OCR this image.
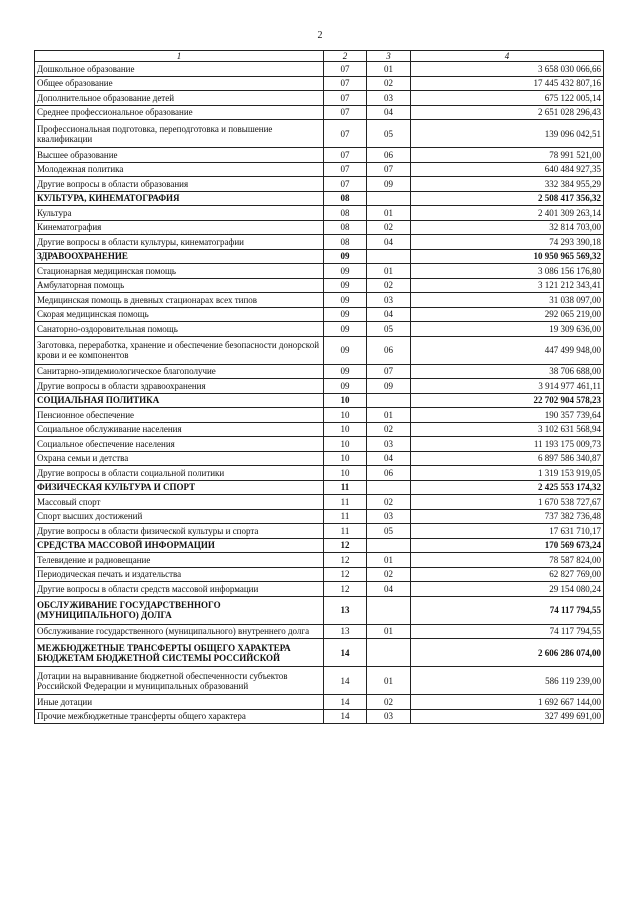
2
1	2	3	4
Дошкольное образование	07	01	3 658 030 066,66
Общее образование	07	02	17 445 432 807,16
Дополнительное образование детей	07	03	675 122 005,14
Среднее профессиональное образование	07	04	2 651 028 296,43
Профессиональная подготовка, переподготовка и повышение квалификации	07	05	139 096 042,51
Высшее образование	07	06	78 991 521,00
Молодежная политика	07	07	640 484 927,35
Другие вопросы в области образования	07	09	332 384 955,29
КУЛЬТУРА, КИНЕМАТОГРАФИЯ	08		2 508 417 356,32
Культура	08	01	2 401 309 263,14
Кинематография	08	02	32 814 703,00
Другие вопросы в области культуры, кинематографии	08	04	74 293 390,18
ЗДРАВООХРАНЕНИЕ	09		10 950 965 569,32
Стационарная медицинская помощь	09	01	3 086 156 176,80
Амбулаторная помощь	09	02	3 121 212 343,41
Медицинская помощь в дневных стационарах всех типов	09	03	31 038 097,00
Скорая медицинская помощь	09	04	292 065 219,00
Санаторно-оздоровительная помощь	09	05	19 309 636,00
Заготовка, переработка, хранение и обеспечение безопасности донорской крови и ее компонентов	09	06	447 499 948,00
Санитарно-эпидемиологическое благополучие	09	07	38 706 688,00
Другие вопросы в области здравоохранения	09	09	3 914 977 461,11
СОЦИАЛЬНАЯ ПОЛИТИКА	10		22 702 904 578,23
Пенсионное обеспечение	10	01	190 357 739,64
Социальное обслуживание населения	10	02	3 102 631 568,94
Социальное обеспечение населения	10	03	11 193 175 009,73
Охрана семьи и детства	10	04	6 897 586 340,87
Другие вопросы в области социальной политики	10	06	1 319 153 919,05
ФИЗИЧЕСКАЯ КУЛЬТУРА И СПОРТ	11		2 425 553 174,32
Массовый спорт	11	02	1 670 538 727,67
Спорт высших достижений	11	03	737 382 736,48
Другие вопросы в области физической культуры и спорта	11	05	17 631 710,17
СРЕДСТВА МАССОВОЙ ИНФОРМАЦИИ	12		170 569 673,24
Телевидение и радиовещание	12	01	78 587 824,00
Периодическая печать и издательства	12	02	62 827 769,00
Другие вопросы в области средств массовой информации	12	04	29 154 080,24
ОБСЛУЖИВАНИЕ ГОСУДАРСТВЕННОГО (МУНИЦИПАЛЬНОГО) ДОЛГА	13		74 117 794,55
Обслуживание государственного (муниципального) внутреннего долга	13	01	74 117 794,55
МЕЖБЮДЖЕТНЫЕ ТРАНСФЕРТЫ ОБЩЕГО ХАРАКТЕРА БЮДЖЕТАМ БЮДЖЕТНОЙ СИСТЕМЫ РОССИЙСКОЙ	14		2 606 286 074,00
Дотации на выравнивание бюджетной обеспеченности субъектов Российской Федерации и муниципальных образований	14	01	586 119 239,00
Иные дотации	14	02	1 692 667 144,00
Прочие межбюджетные трансферты общего характера	14	03	327 499 691,00
